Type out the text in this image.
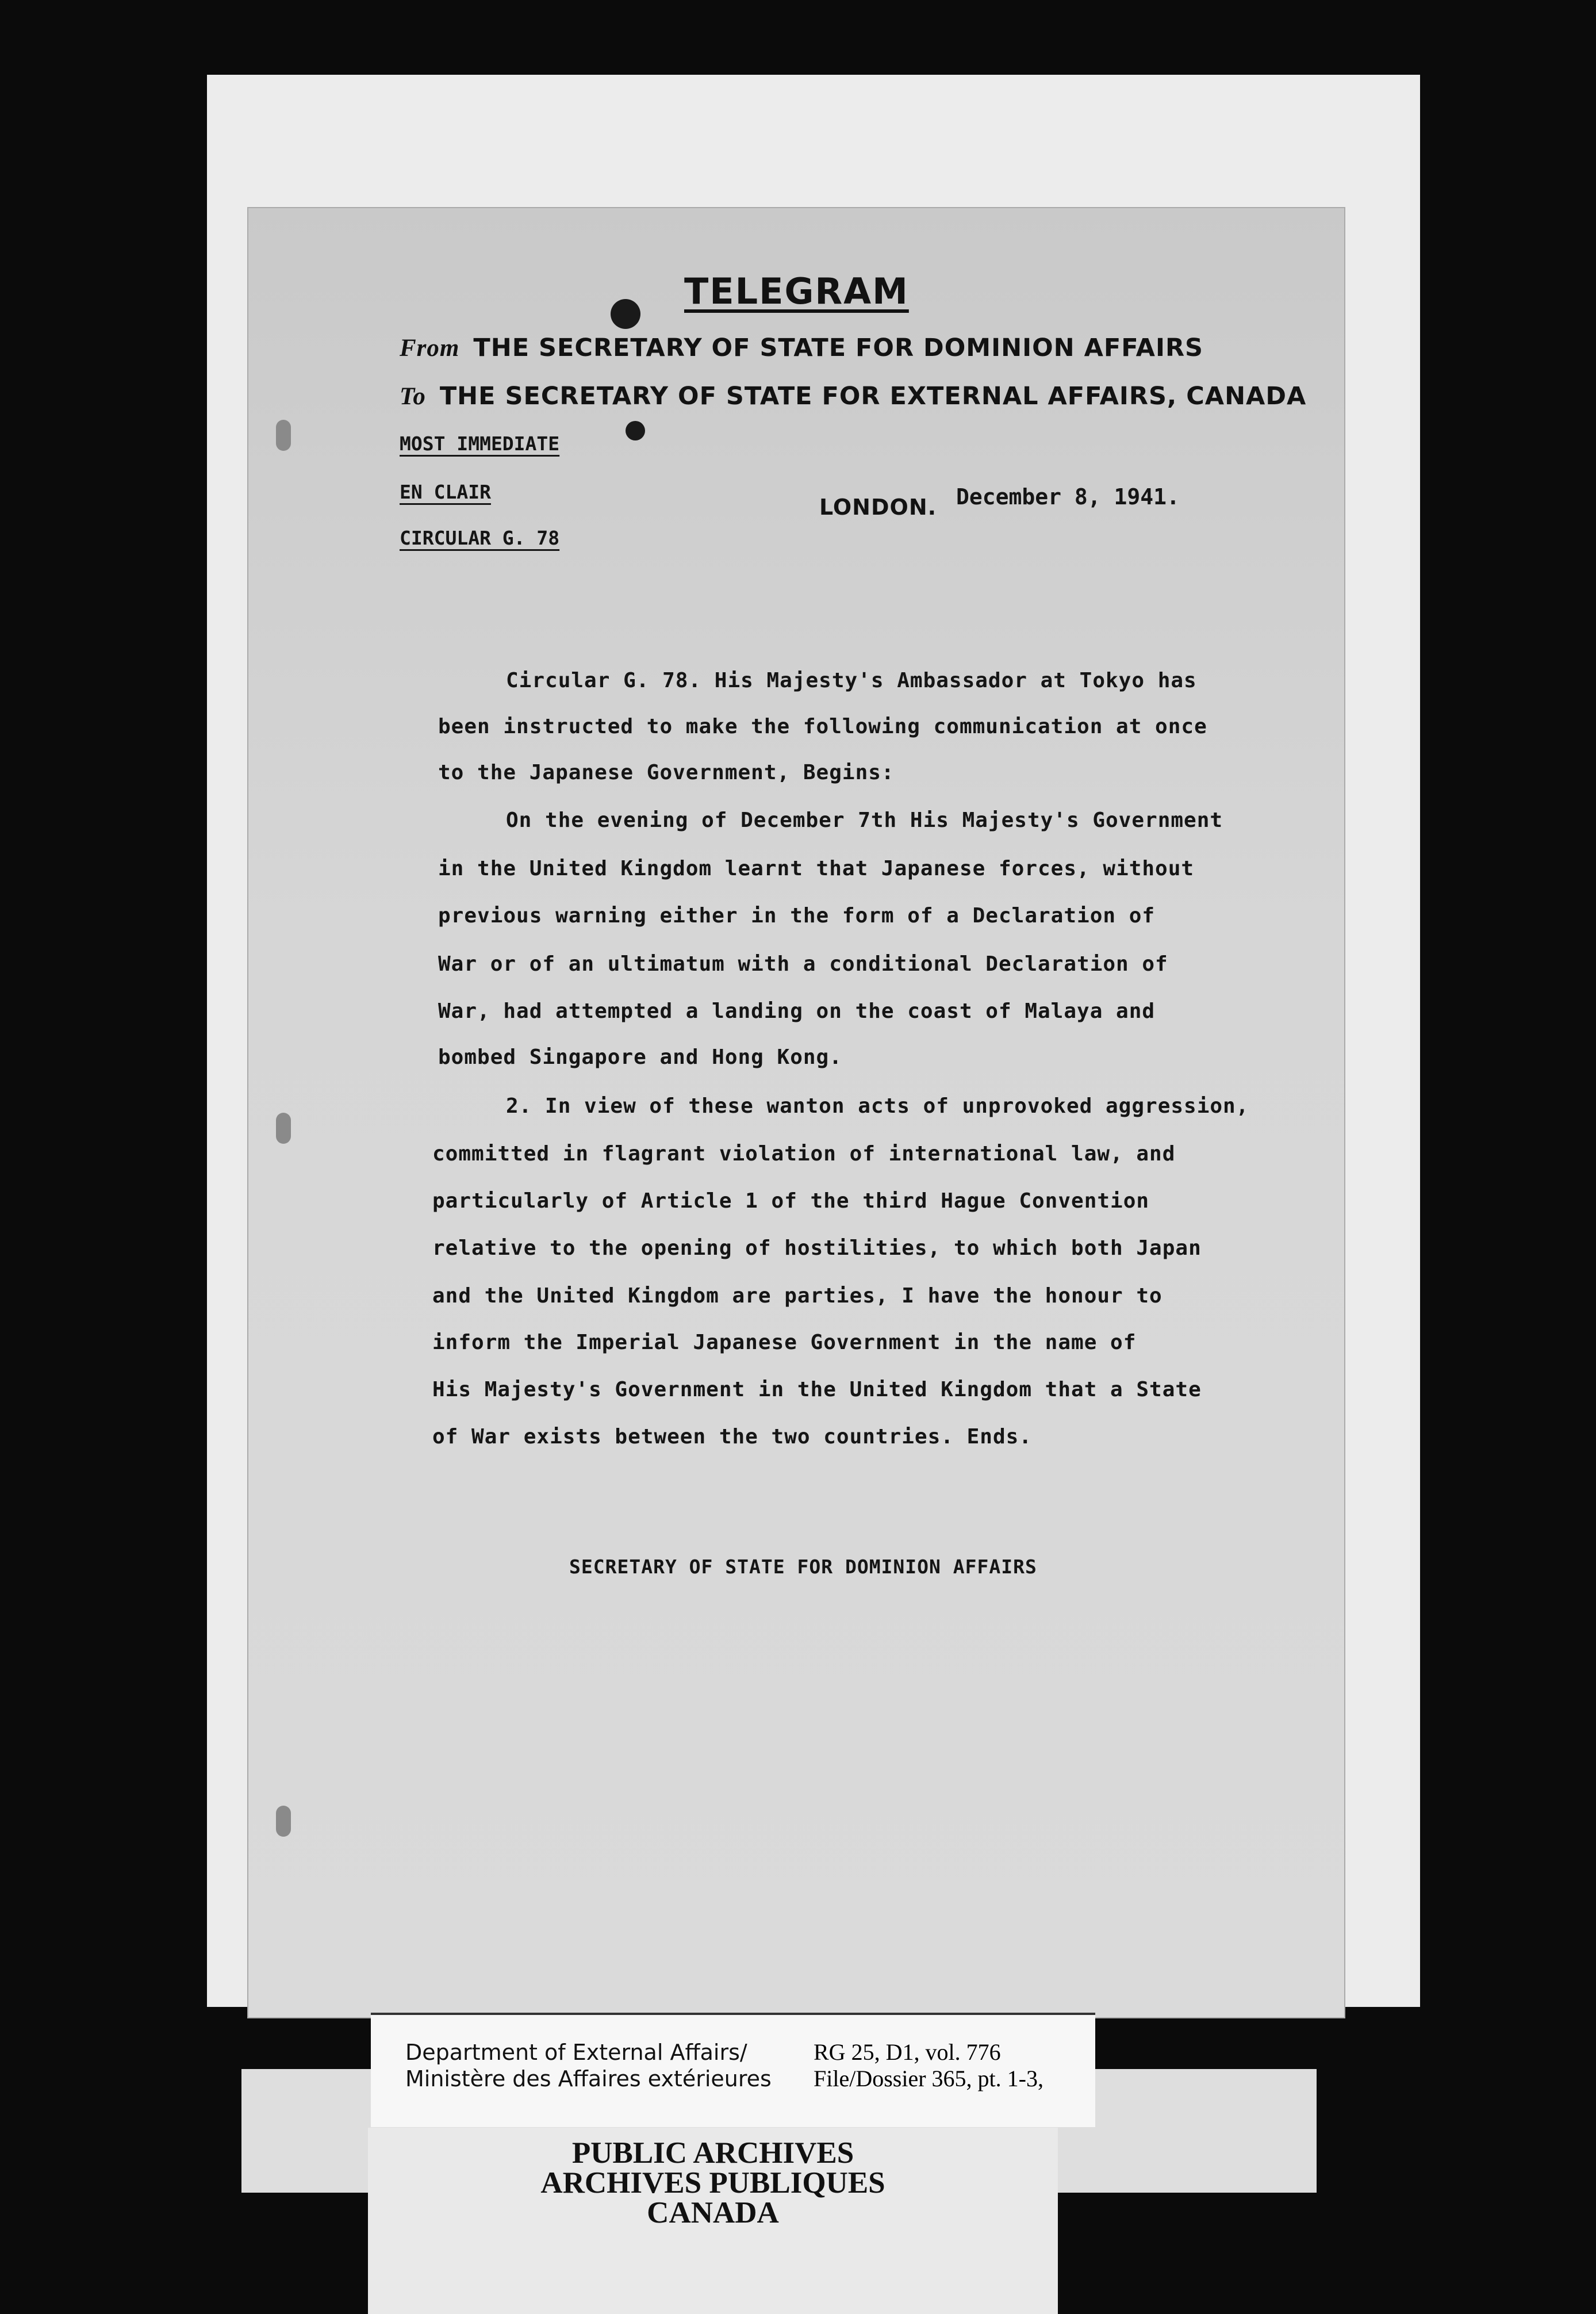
TELEGRAM
From THE SECRETARY OF STATE FOR DOMINION AFFAIRS
To THE SECRETARY OF STATE FOR EXTERNAL AFFAIRS, CANADA
MOST IMMEDIATE
EN CLAIR
CIRCULAR G. 78
LONDON. December 8, 1941.
Circular G. 78. His Majesty's Ambassador at Tokyo has
been instructed to make the following communication at once
to the Japanese Government, Begins:
On the evening of December 7th His Majesty's Government
in the United Kingdom learnt that Japanese forces, without
previous warning either in the form of a Declaration of
War or of an ultimatum with a conditional Declaration of
War, had attempted a landing on the coast of Malaya and
bombed Singapore and Hong Kong.
2. In view of these wanton acts of unprovoked aggression,
committed in flagrant violation of international law, and
particularly of Article 1 of the third Hague Convention
relative to the opening of hostilities, to which both Japan
and the United Kingdom are parties, I have the honour to
inform the Imperial Japanese Government in the name of
His Majesty's Government in the United Kingdom that a State
of War exists between the two countries. Ends.
SECRETARY OF STATE FOR DOMINION AFFAIRS
Department of External Affairs/
Ministère des Affaires extérieures
RG 25, D1, vol. 776
File/Dossier 365, pt. 1-3,
PUBLIC ARCHIVES
ARCHIVES PUBLIQUES
CANADA
